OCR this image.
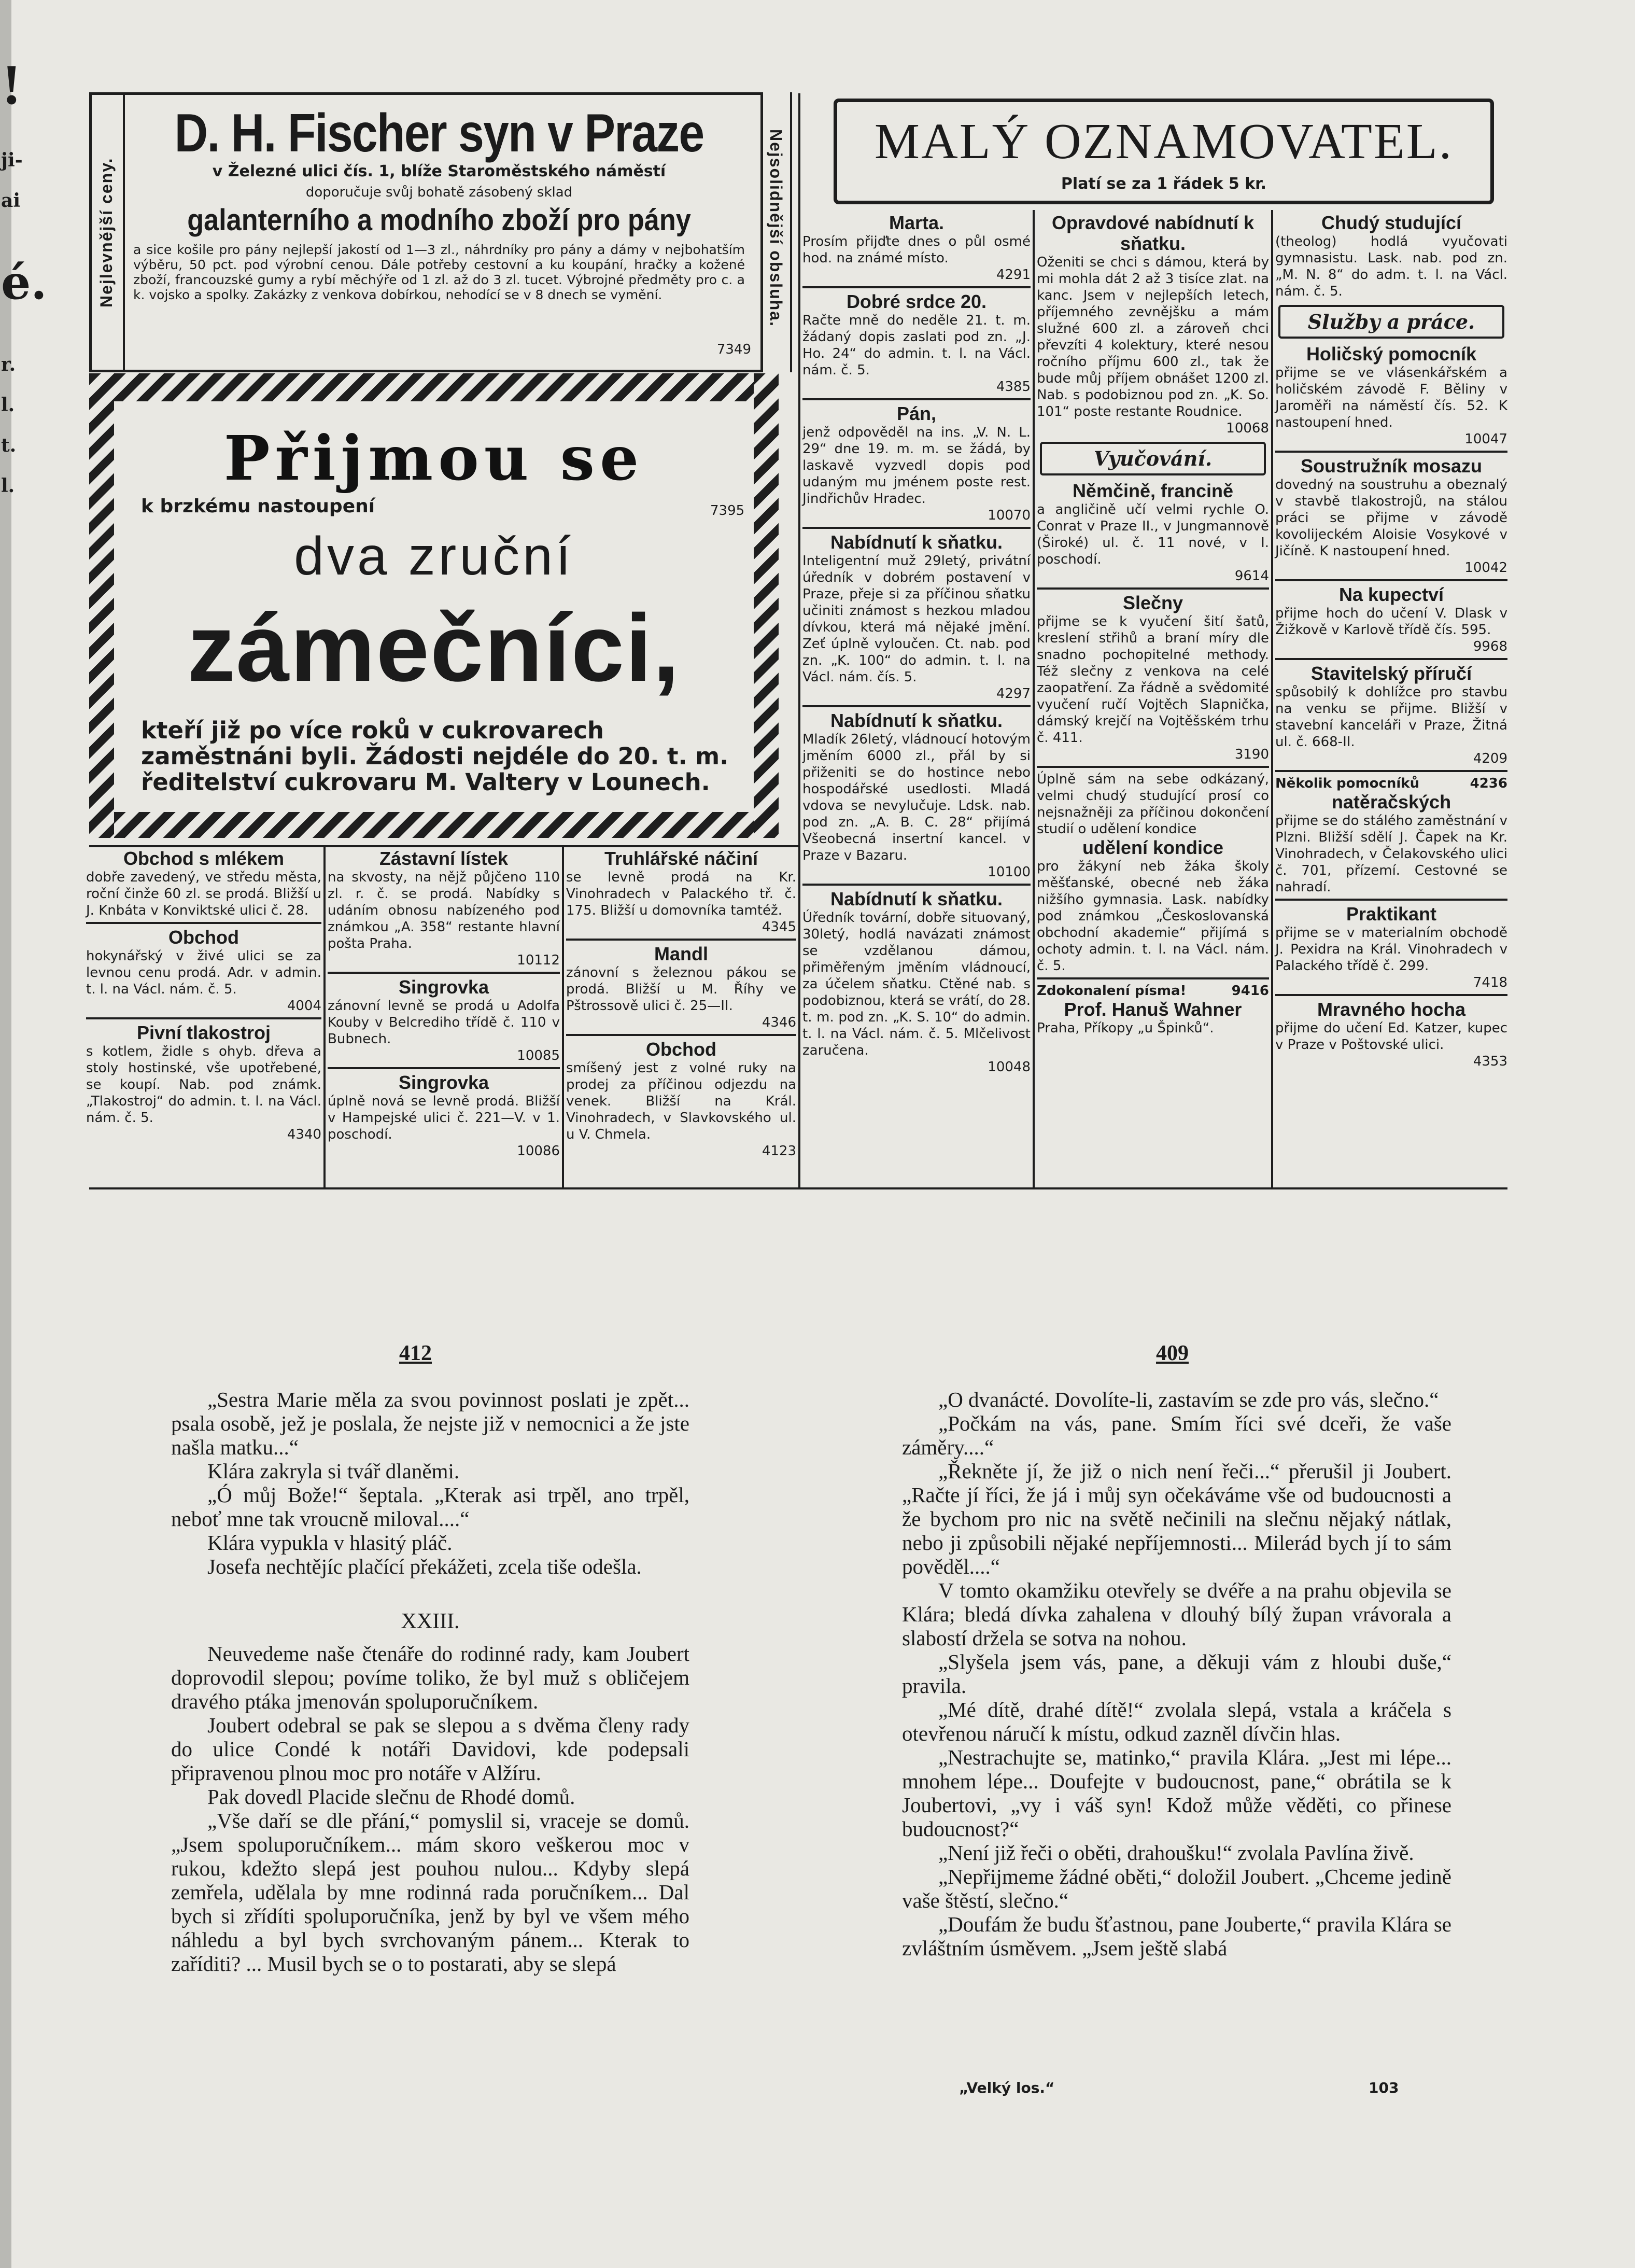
!
ji-
ai
é.
r.
l.
t.
l.
Nejlevnější ceny.
D. H. Fischer syn v Praze
v Železné ulici čís. 1, blíže Staroměstského náměstí
doporučuje svůj bohatě zásobený sklad
galanterního a modního zboží pro pány
a sice košile pro pány nejlepší jakostí od 1—3 zl., náhrdníky pro pány a dámy v nejbohatším výběru, 50 pct. pod výrobní cenou. Dále potřeby cestovní a ku koupání, hračky a kožené zboží, francouzské gumy a rybí měchýře od 1 zl. až do 3 zl. tucet. Výbrojné předměty pro c. a k. vojsko a spolky. Zakázky z venkova dobírkou, nehodící se v 8 dnech se vymění.
7349
Nejsolidnější obsluha.
Přijmou se
k brzkému nastoupení	7395
dva zruční
zámečníci,
kteří již po více roků v cukrovarech zaměstnáni byli. Žádosti nejdéle do 20. t. m. ředitelství cukrovaru M. Valtery v Lounech.
Obchod s mlékem
dobře zavedený, ve středu města, roční činže 60 zl. se prodá. Bližší u J. Knbáta v Konviktské ulici č. 28.
Obchod
hokynářský v živé ulici se za levnou cenu prodá. Adr. v admin. t. l. na Václ. nám. č. 5.
4004
Pivní tlakostroj
s kotlem, židle s ohyb. dřeva a stoly hostinské, vše upotřebené, se koupí. Nab. pod známk. „Tlakostroj“ do admin. t. l. na Václ. nám. č. 5.
4340
Zástavní lístek
na skvosty, na nějž půjčeno 110 zl. r. č. se prodá. Nabídky s udáním obnosu nabízeného pod známkou „A. 358“ restante hlavní pošta Praha.
10112
Singrovka
zánovní levně se prodá u Adolfa Kouby v Belcrediho třídě č. 110 v Bubnech.
10085
Singrovka
úplně nová se levně prodá. Bližší v Hampejské ulici č. 221—V. v 1. poschodí.
10086
Truhlářské náčiní
se levně prodá na Kr. Vinohradech v Palackého tř. č. 175. Bližší u domovníka tamtéž.
4345
Mandl
zánovní s železnou pákou se prodá. Bližší u M. Říhy ve Pštrossově ulici č. 25—II.
4346
Obchod
smíšený jest z volné ruky na prodej za příčinou odjezdu na venek. Bližší na Král. Vinohradech, v Slavkovského ul. u V. Chmela.
4123
MALÝ OZNAMOVATEL.
Platí se za 1 řádek 5 kr.
Marta.
Prosím přijďte dnes o půl osmé hod. na známé místo.
4291
Dobré srdce 20.
Račte mně do neděle 21. t. m. žádaný dopis zaslati pod zn. „J. Ho. 24“ do admin. t. l. na Václ. nám. č. 5.
4385
Pán,
jenž odpověděl na ins. „V. N. L. 29“ dne 19. m. m. se žádá, by laskavě vyzvedl dopis pod udaným mu jménem poste rest. Jindřichův Hradec.
10070
Nabídnutí k sňatku.
Inteligentní muž 29letý, privátní úředník v dobrém postavení v Praze, přeje si za příčinou sňatku učiniti známost s hezkou mladou dívkou, která má nějaké jmění. Zeť úplně vyloučen. Ct. nab. pod zn. „K. 100“ do admin. t. l. na Václ. nám. čís. 5.
4297
Nabídnutí k sňatku.
Mladík 26letý, vládnoucí hotovým jměním 6000 zl., přál by si přiženiti se do hostince nebo hospodářské usedlosti. Mladá vdova se nevylučuje. Ldsk. nab. pod zn. „A. B. C. 28“ přijímá Všeobecná insertní kancel. v Praze v Bazaru.
10100
Nabídnutí k sňatku.
Úředník tovární, dobře situovaný, 30letý, hodlá navázati známost se vzdělanou dámou, přiměřeným jměním vládnoucí, za účelem sňatku. Ctěné nab. s podobiznou, která se vrátí, do 28. t. m. pod zn. „K. S. 10“ do admin. t. l. na Václ. nám. č. 5. Mlčelivost zaručena.
10048
Opravdové nabídnutí k sňatku.
Oženiti se chci s dámou, která by mi mohla dát 2 až 3 tisíce zlat. na kanc. Jsem v nejlepších letech, příjemného zevnějšku a mám služné 600 zl. a zároveň chci převzíti 4 kolektury, které nesou ročního příjmu 600 zl., tak že bude můj příjem obnášet 1200 zl. Nab. s podobiznou pod zn. „K. So. 101“ poste restante Roudnice.
10068
Vyučování.
Němčině, francině
a angličině učí velmi rychle O. Conrat v Praze II., v Jungmannově (Široké) ul. č. 11 nové, v I. poschodí.
9614
Slečny
přijme se k vyučení šití šatů, kreslení střihů a braní míry dle snadno pochopitelné methody. Též slečny z venkova na celé zaopatření. Za řádně a svědomité vyučení ručí Vojtěch Slapnička, dámský krejčí na Vojtěšském trhu č. 411.
3190
Úplně sám na sebe odkázaný, velmi chudý studující prosí co nejsnažněji za příčinou dokončení studií o udělení kondice
udělení kondice
pro žákyní neb žáka školy měšťanské, obecné neb žáka nižšího gymnasia. Lask. nabídky pod známkou „Českoslovanská obchodní akademie“ přijímá s ochoty admin. t. l. na Václ. nám. č. 5.
Zdokonalení písma!	9416
Prof. Hanuš Wahner
Praha, Příkopy „u Špinků“.
Chudý studující
(theolog) hodlá vyučovati gymnasistu. Lask. nab. pod zn. „M. N. 8“ do adm. t. l. na Václ. nám. č. 5.
Služby a práce.
Holičský pomocník
přijme se ve vlásenkářském a holičském závodě F. Běliny v Jaroměři na náměstí čís. 52. K nastoupení hned.
10047
Soustružník mosazu
dovedný na soustruhu a obeznalý v stavbě tlakostrojů, na stálou práci se přijme v závodě kovolijeckém Aloisie Vosykové v Jičíně. K nastoupení hned.
10042
Na kupectví
přijme hoch do učení V. Dlask v Žižkově v Karlově třídě čís. 595.
9968
Stavitelský příručí
spůsobilý k dohlížce pro stavbu na venku se přijme. Bližší v stavební kanceláři v Praze, Žitná ul. č. 668-II.
4209
Několik pomocníků	4236
natěračských
přijme se do stálého zaměstnání v Plzni. Bližší sdělí J. Čapek na Kr. Vinohradech, v Čelakovského ulici č. 701, přízemí. Cestovné se nahradí.
Praktikant
přijme se v materialním obchodě J. Pexidra na Král. Vinohradech v Palackého třídě č. 299.
7418
Mravného hocha
přijme do učení Ed. Katzer, kupec v Praze v Poštovské ulici.
4353
412	409

„Sestra Marie měla za svou povinnost poslati je zpět... psala osobě, jež je poslala, že nejste již v nemocnici a že jste našla matku...“

Klára zakryla si tvář dlaněmi.

„Ó můj Bože!“ šeptala. „Kterak asi trpěl, ano trpěl, neboť mne tak vroucně miloval....“

Klára vypukla v hlasitý pláč.

Josefa nechtějíc plačící překážeti, zcela tiše odešla.

XXIII.

Neuvedeme naše čtenáře do rodinné rady, kam Joubert doprovodil slepou; povíme toliko, že byl muž s obličejem dravého ptáka jmenován spoluporučníkem.

Joubert odebral se pak se slepou a s dvěma členy rady do ulice Condé k notáři Davidovi, kde podepsali připravenou plnou moc pro notáře v Alžíru.

Pak dovedl Placide slečnu de Rhodé domů.

„Vše daří se dle přání,“ pomyslil si, vraceje se domů. „Jsem spoluporučníkem... mám skoro veškerou moc v rukou, kdežto slepá jest pouhou nulou... Kdyby slepá zemřela, udělala by mne rodinná rada poručníkem... Dal bych si zřídíti spoluporučníka, jenž by byl ve všem mého náhledu a byl bych svrchovaným pánem... Kterak to zaříditi? ... Musil bych se o to postarati, aby se slepá

„O dvanácté. Dovolíte-li, zastavím se zde pro vás, slečno.“

„Počkám na vás, pane. Smím říci své dceři, že vaše záměry....“

„Řekněte jí, že již o nich není řeči...“ přerušil ji Joubert. „Račte jí říci, že já i můj syn očekáváme vše od budoucnosti a že bychom pro nic na světě nečinili na slečnu nějaký nátlak, nebo ji způsobili nějaké nepříjemnosti... Milerád bych jí to sám pověděl....“

V tomto okamžiku otevřely se dvéře a na prahu objevila se Klára; bledá dívka zahalena v dlouhý bílý župan vrávorala a slabostí držela se sotva na nohou.

„Slyšela jsem vás, pane, a děkuji vám z hloubi duše,“ pravila.

„Mé dítě, drahé dítě!“ zvolala slepá, vstala a kráčela s otevřenou náručí k místu, odkud zazněl dívčin hlas.

„Nestrachujte se, matinko,“ pravila Klára. „Jest mi lépe... mnohem lépe... Doufejte v budoucnost, pane,“ obrátila se k Joubertovi, „vy i váš syn! Kdož může věděti, co přinese budoucnost?“

„Není již řeči o oběti, drahoušku!“ zvolala Pavlína živě.

„Nepřijmeme žádné oběti,“ doložil Joubert. „Chceme jedině vaše štěstí, slečno.“

„Doufám že budu šťastnou, pane Jouberte,“ pravila Klára se zvláštním úsměvem. „Jsem ještě slabá

„Velký los.“	103
